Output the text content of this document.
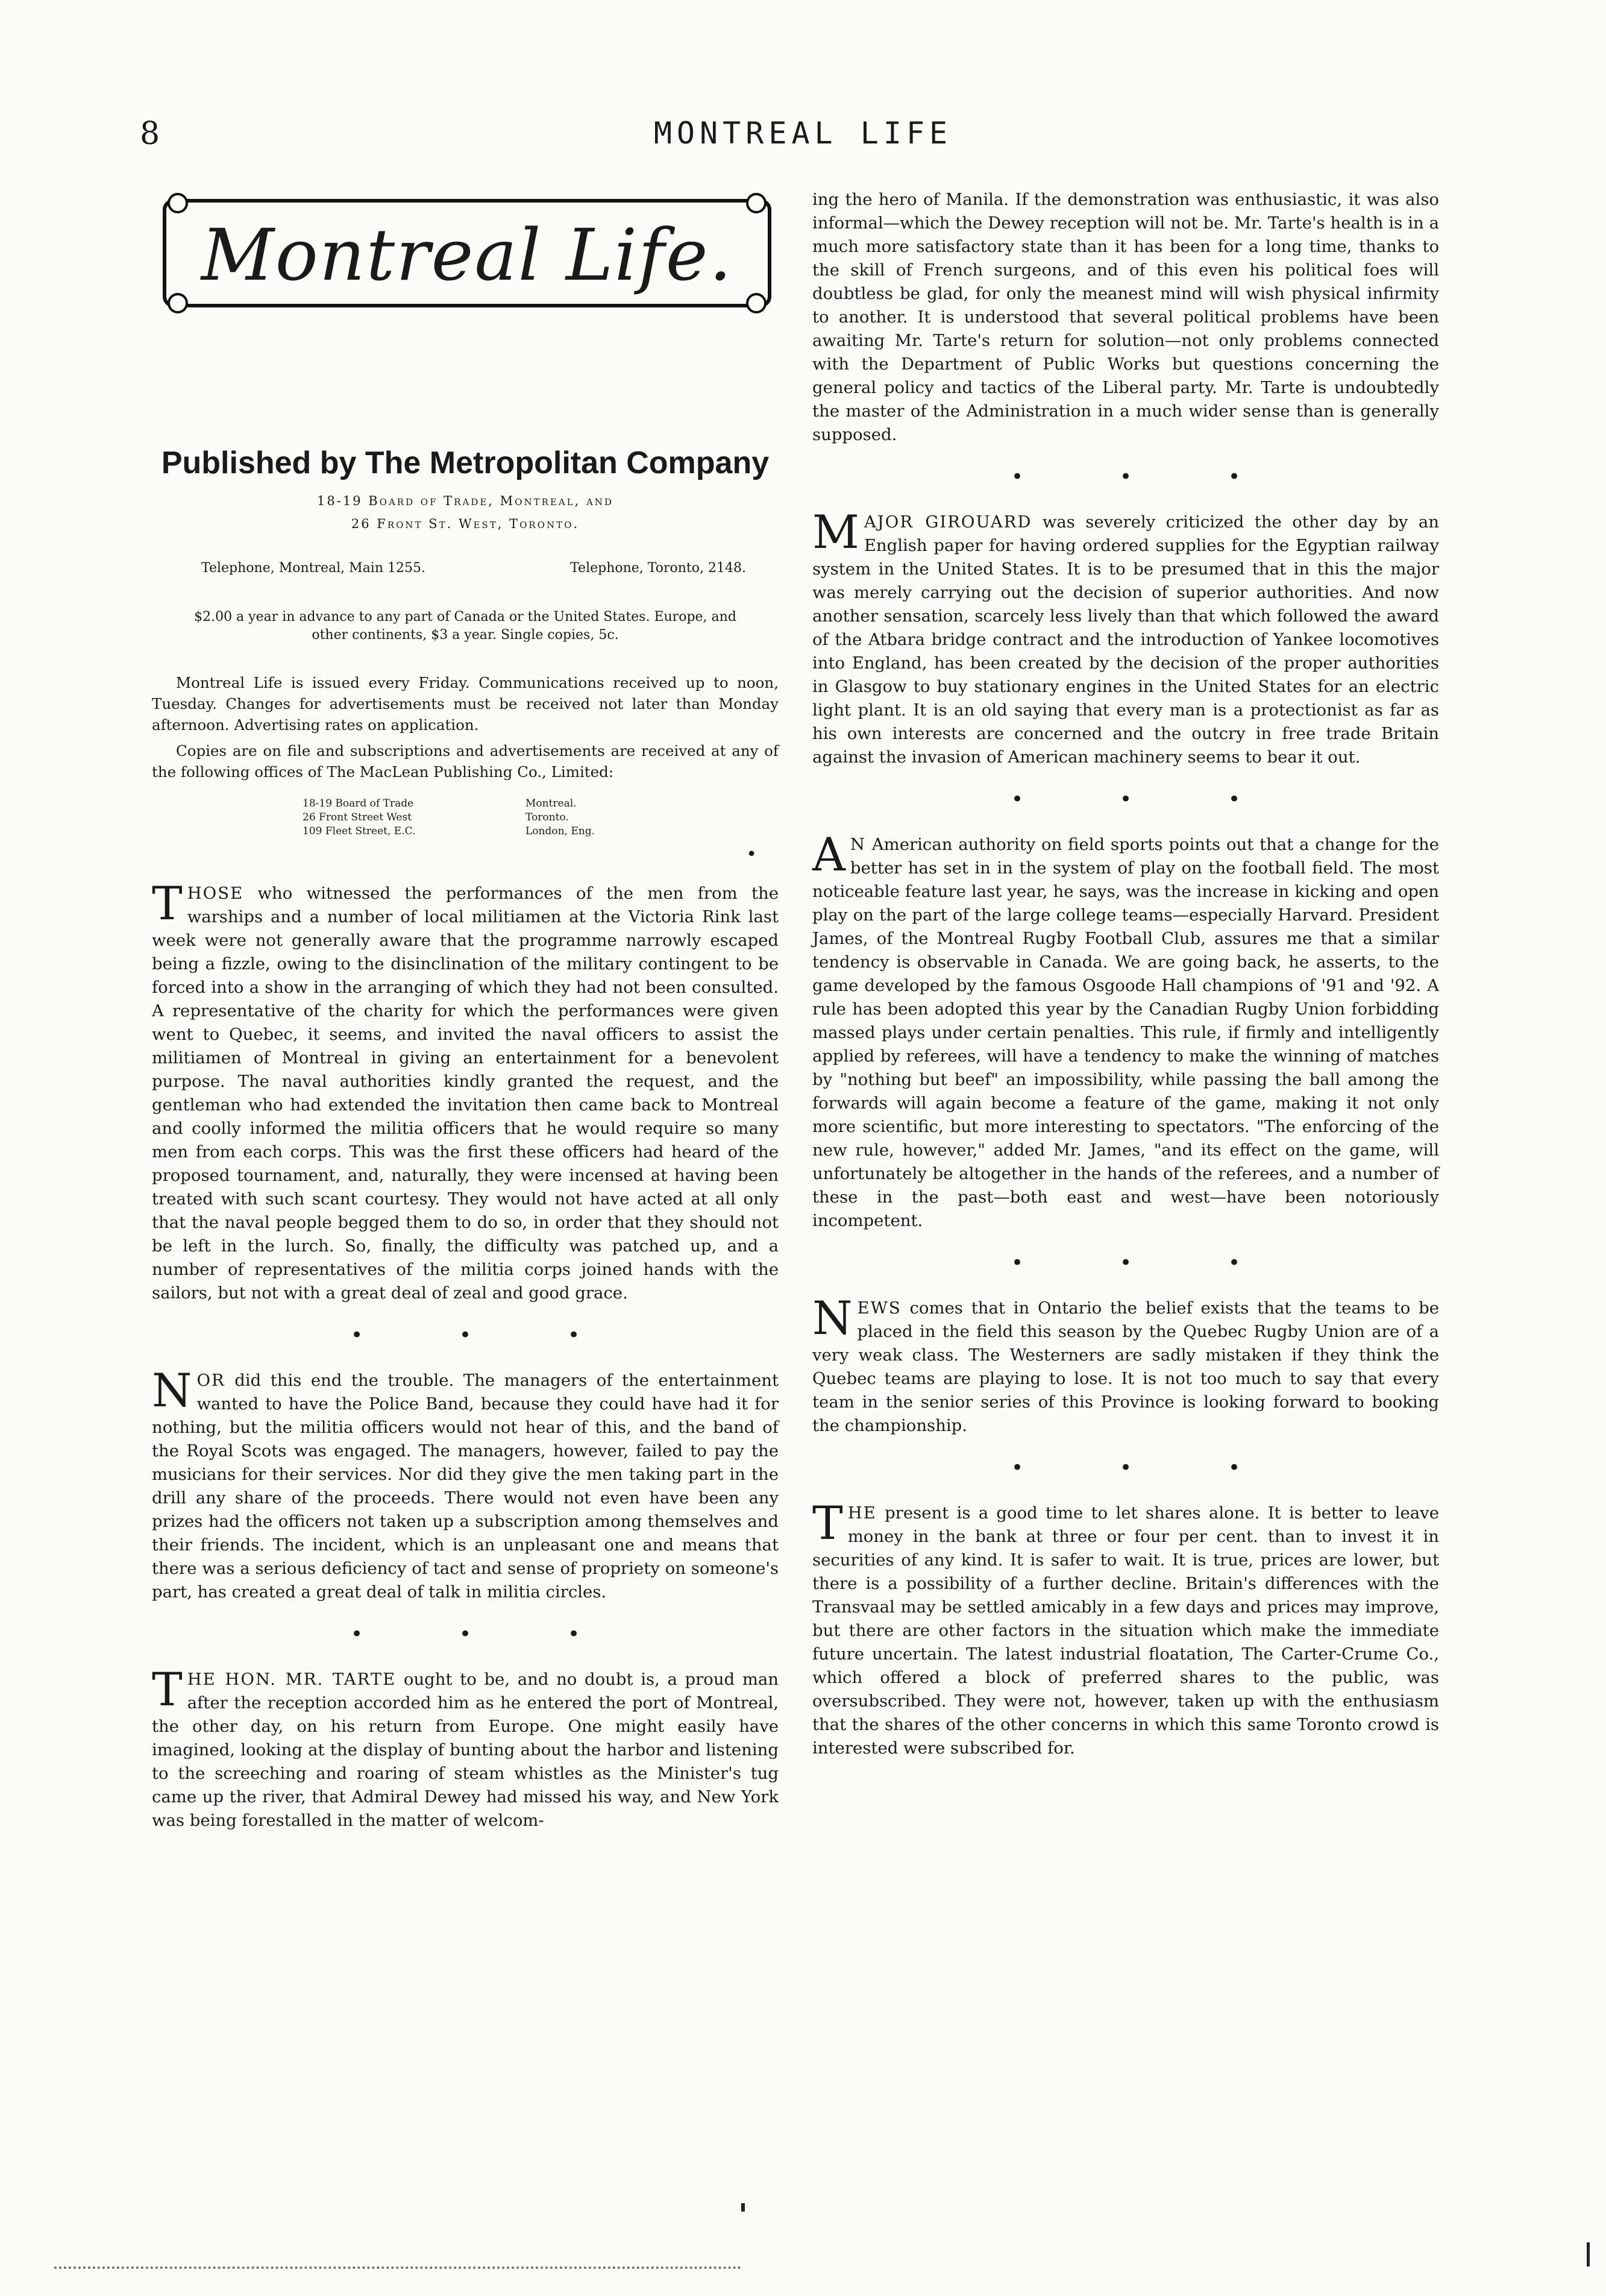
8	MONTREAL LIFE
Montreal Life.
Published by The Metropolitan Company
18-19 Board of Trade, Montreal, and
26 Front St. West, Toronto.
Telephone, Montreal, Main 1255.	Telephone, Toronto, 2148.
$2.00 a year in advance to any part of Canada or the United States. Europe, and other continents, $3 a year. Single copies, 5c.

Montreal Life is issued every Friday. Communications received up to noon, Tuesday. Changes for advertisements must be received not later than Monday afternoon. Advertising rates on application.

Copies are on file and subscriptions and advertisements are received at any of the following offices of The MacLean Publishing Co., Limited:

18-19 Board of Trade	Montreal.
26 Front Street West	Toronto.
109 Fleet Street, E.C.	London, Eng.
•

THOSE who witnessed the performances of the men from the warships and a number of local militiamen at the Victoria Rink last week were not generally aware that the programme narrowly escaped being a fizzle, owing to the disinclination of the military contingent to be forced into a show in the arranging of which they had not been consulted. A representative of the charity for which the performances were given went to Quebec, it seems, and invited the naval officers to assist the militiamen of Montreal in giving an entertainment for a benevolent purpose. The naval authorities kindly granted the request, and the gentleman who had extended the invitation then came back to Montreal and coolly informed the militia officers that he would require so many men from each corps. This was the first these officers had heard of the proposed tournament, and, naturally, they were incensed at having been treated with such scant courtesy. They would not have acted at all only that the naval people begged them to do so, in order that they should not be left in the lurch. So, finally, the difficulty was patched up, and a number of representatives of the militia corps joined hands with the sailors, but not with a great deal of zeal and good grace.

•	•	•

NOR did this end the trouble. The managers of the entertainment wanted to have the Police Band, because they could have had it for nothing, but the militia officers would not hear of this, and the band of the Royal Scots was engaged. The managers, however, failed to pay the musicians for their services. Nor did they give the men taking part in the drill any share of the proceeds. There would not even have been any prizes had the officers not taken up a subscription among themselves and their friends. The incident, which is an unpleasant one and means that there was a serious deficiency of tact and sense of propriety on someone's part, has created a great deal of talk in militia circles.

•	•	•

THE HON. MR. TARTE ought to be, and no doubt is, a proud man after the reception accorded him as he entered the port of Montreal, the other day, on his return from Europe. One might easily have imagined, looking at the display of bunting about the harbor and listening to the screeching and roaring of steam whistles as the Minister's tug came up the river, that Admiral Dewey had missed his way, and New York was being forestalled in the matter of welcom-

ing the hero of Manila. If the demonstration was enthusiastic, it was also informal—which the Dewey reception will not be. Mr. Tarte's health is in a much more satisfactory state than it has been for a long time, thanks to the skill of French surgeons, and of this even his political foes will doubtless be glad, for only the meanest mind will wish physical infirmity to another. It is understood that several political problems have been awaiting Mr. Tarte's return for solution—not only problems connected with the Department of Public Works but questions concerning the general policy and tactics of the Liberal party. Mr. Tarte is undoubtedly the master of the Administration in a much wider sense than is generally supposed.

•	•	•

MAJOR GIROUARD was severely criticized the other day by an English paper for having ordered supplies for the Egyptian railway system in the United States. It is to be presumed that in this the major was merely carrying out the decision of superior authorities. And now another sensation, scarcely less lively than that which followed the award of the Atbara bridge contract and the introduction of Yankee locomotives into England, has been created by the decision of the proper authorities in Glasgow to buy stationary engines in the United States for an electric light plant. It is an old saying that every man is a protectionist as far as his own interests are concerned and the outcry in free trade Britain against the invasion of American machinery seems to bear it out.

•	•	•

A N American authority on field sports points out that a change for the better has set in in the system of play on the football field. The most noticeable feature last year, he says, was the increase in kicking and open play on the part of the large college teams—especially Harvard. President James, of the Montreal Rugby Football Club, assures me that a similar tendency is observable in Canada. We are going back, he asserts, to the game developed by the famous Osgoode Hall champions of '91 and '92. A rule has been adopted this year by the Canadian Rugby Union forbidding massed plays under certain penalties. This rule, if firmly and intelligently applied by referees, will have a tendency to make the winning of matches by "nothing but beef" an impossibility, while passing the ball among the forwards will again become a feature of the game, making it not only more scientific, but more interesting to spectators. "The enforcing of the new rule, however," added Mr. James, "and its effect on the game, will unfortunately be altogether in the hands of the referees, and a number of these in the past—both east and west—have been notoriously incompetent.

•	•	•

NEWS comes that in Ontario the belief exists that the teams to be placed in the field this season by the Quebec Rugby Union are of a very weak class. The Westerners are sadly mistaken if they think the Quebec teams are playing to lose. It is not too much to say that every team in the senior series of this Province is looking forward to booking the championship.

•	•	•

THE present is a good time to let shares alone. It is better to leave money in the bank at three or four per cent. than to invest it in securities of any kind. It is safer to wait. It is true, prices are lower, but there is a possibility of a further decline. Britain's differences with the Transvaal may be settled amicably in a few days and prices may improve, but there are other factors in the situation which make the immediate future uncertain. The latest industrial floatation, The Carter-Crume Co., which offered a block of preferred shares to the public, was oversubscribed. They were not, however, taken up with the enthusiasm that the shares of the other concerns in which this same Toronto crowd is interested were subscribed for.
